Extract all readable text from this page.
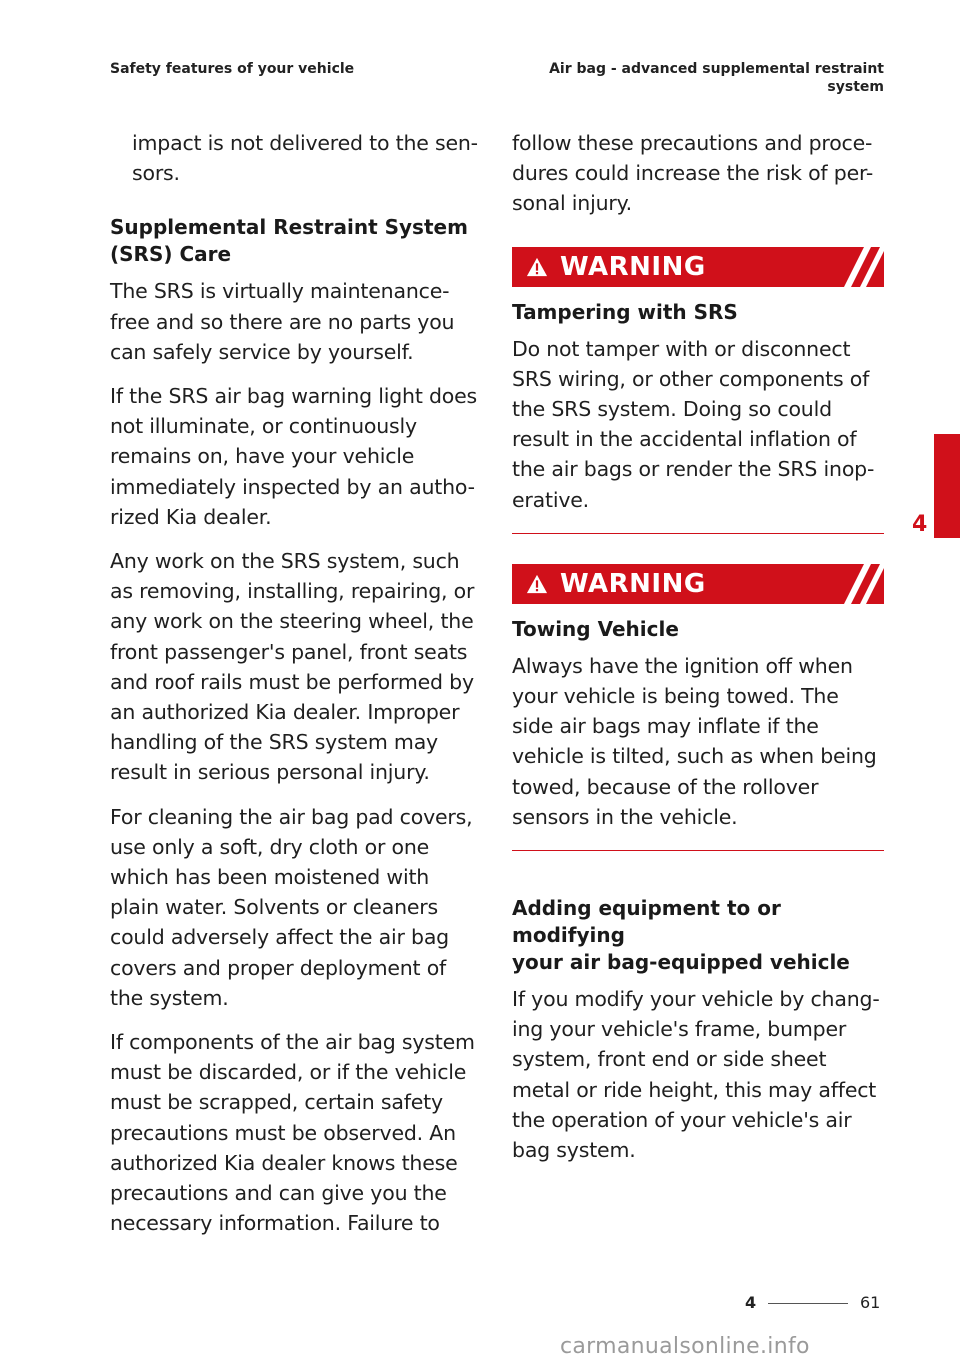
Safety features of your vehicle	Air bag - advanced supplemental restraint
system

impact is not delivered to the sen-sors.

Supplemental Restraint System
(SRS) Care

The SRS is virtually maintenance-free and so there are no parts you can safely service by yourself.

If the SRS air bag warning light does not illuminate, or continuously remains on, have your vehicle immediately inspected by an autho-rized Kia dealer.

Any work on the SRS system, such as removing, installing, repairing, or any work on the steering wheel, the front passenger's panel, front seats and roof rails must be performed by an authorized Kia dealer. Improper handling of the SRS system may result in serious personal injury.

For cleaning the air bag pad covers, use only a soft, dry cloth or one which has been moistened with plain water. Solvents or cleaners could adversely affect the air bag covers and proper deployment of the system.

If components of the air bag system must be discarded, or if the vehicle must be scrapped, certain safety precautions must be observed. An authorized Kia dealer knows these precautions and can give you the necessary information. Failure to

follow these precautions and proce-dures could increase the risk of per-sonal injury.

WARNING
Tampering with SRS

Do not tamper with or disconnect SRS wiring, or other components of the SRS system. Doing so could result in the accidental inflation of the air bags or render the SRS inop-erative.

WARNING
Towing Vehicle

Always have the ignition off when your vehicle is being towed. The side air bags may inflate if the vehicle is tilted, such as when being towed, because of the rollover sensors in the vehicle.

Adding equipment to or modifying
your air bag-equipped vehicle

If you modify your vehicle by chang-ing your vehicle's frame, bumper system, front end or side sheet metal or ride height, this may affect the operation of your vehicle's air bag system.

4
4	61
carmanualsonline.info
